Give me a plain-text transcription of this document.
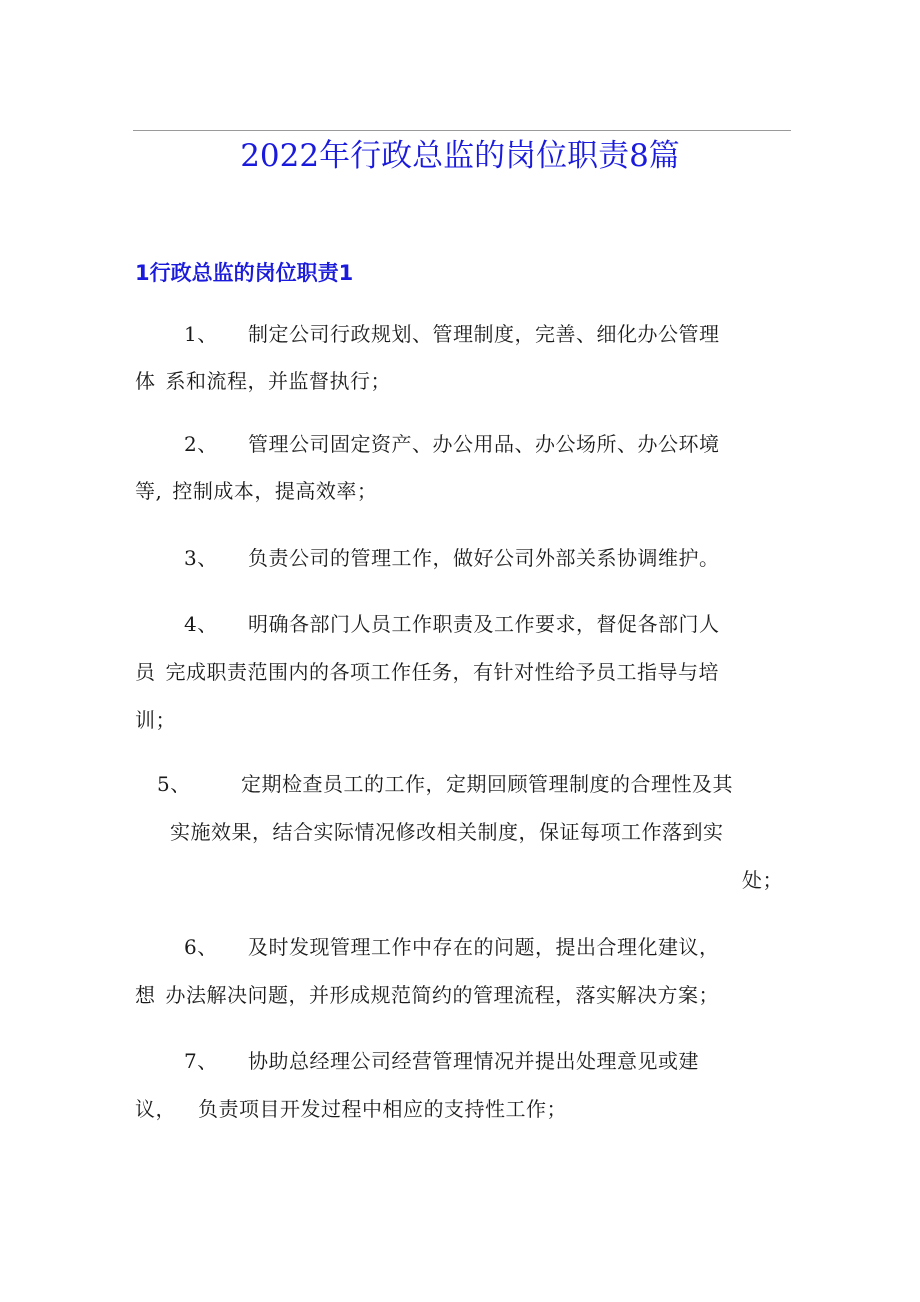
2022年行政总监的岗位职责8篇
1行政总监的岗位职责1
1、 制定公司行政规划、管理制度，完善、细化办公管理
体 系和流程，并监督执行；
2、 管理公司固定资产、办公用品、办公场所、办公环境
等, 控制成本，提高效率；
3、 负责公司的管理工作，做好公司外部关系协调维护。
4、 明确各部门人员工作职责及工作要求，督促各部门人
员 完成职责范围内的各项工作任务，有针对性给予员工指导与培
训；
5、	定期检查员工的工作，定期回顾管理制度的合理性及其
实施效果，结合实际情况修改相关制度，保证每项工作落到实
处；
6、 及时发现管理工作中存在的问题，提出合理化建议，
想 办法解决问题，并形成规范简约的管理流程，落实解决方案；
7、 协助总经理公司经营管理情况并提出处理意见或建
议， 负责项目开发过程中相应的支持性工作；
